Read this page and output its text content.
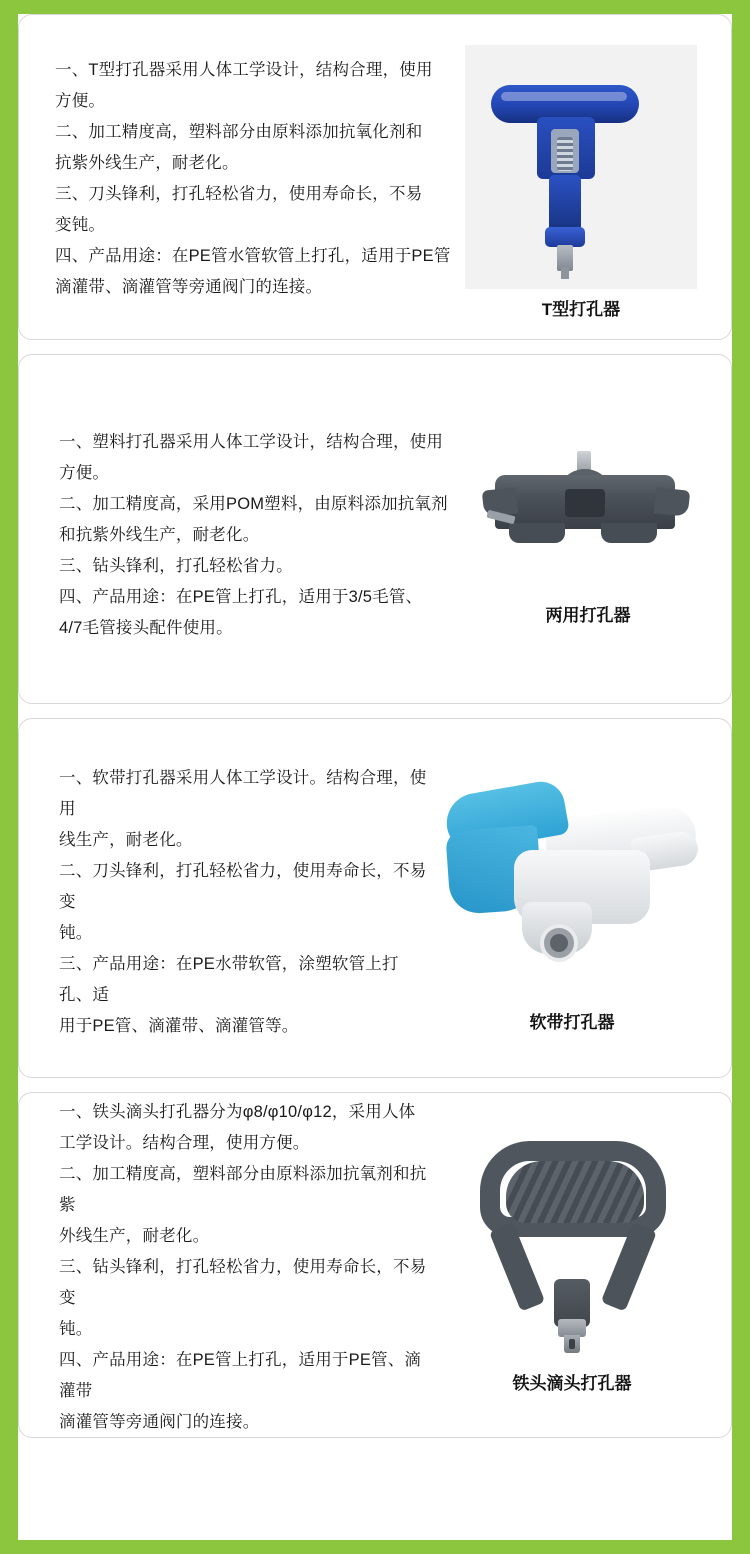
一、T型打孔器采用人体工学设计，结构合理，使用

方便。

二、加工精度高，塑料部分由原料添加抗氧化剂和

抗紫外线生产，耐老化。

三、刀头锋利，打孔轻松省力，使用寿命长，不易

变钝。

四、产品用途：在PE管水管软管上打孔，适用于PE管

滴灌带、滴灌管等旁通阀门的连接。

T型打孔器

一、塑料打孔器采用人体工学设计，结构合理，使用

方便。

二、加工精度高，采用POM塑料，由原料添加抗氧剂

和抗紫外线生产，耐老化。

三、钻头锋利，打孔轻松省力。

四、产品用途：在PE管上打孔，适用于3/5毛管、

4/7毛管接头配件使用。

两用打孔器

一、软带打孔器采用人体工学设计。结构合理，使用

线生产，耐老化。

二、刀头锋利，打孔轻松省力，使用寿命长，不易变

钝。

三、产品用途：在PE水带软管，涂塑软管上打孔、适

用于PE管、滴灌带、滴灌管等。	软带打孔器

一、铁头滴头打孔器分为φ8/φ10/φ12，采用人体

工学设计。结构合理，使用方便。

二、加工精度高，塑料部分由原料添加抗氧剂和抗紫

外线生产，耐老化。

三、钻头锋利，打孔轻松省力，使用寿命长，不易变

钝。

四、产品用途：在PE管上打孔，适用于PE管、滴灌带

滴灌管等旁通阀门的连接。

铁头滴头打孔器
